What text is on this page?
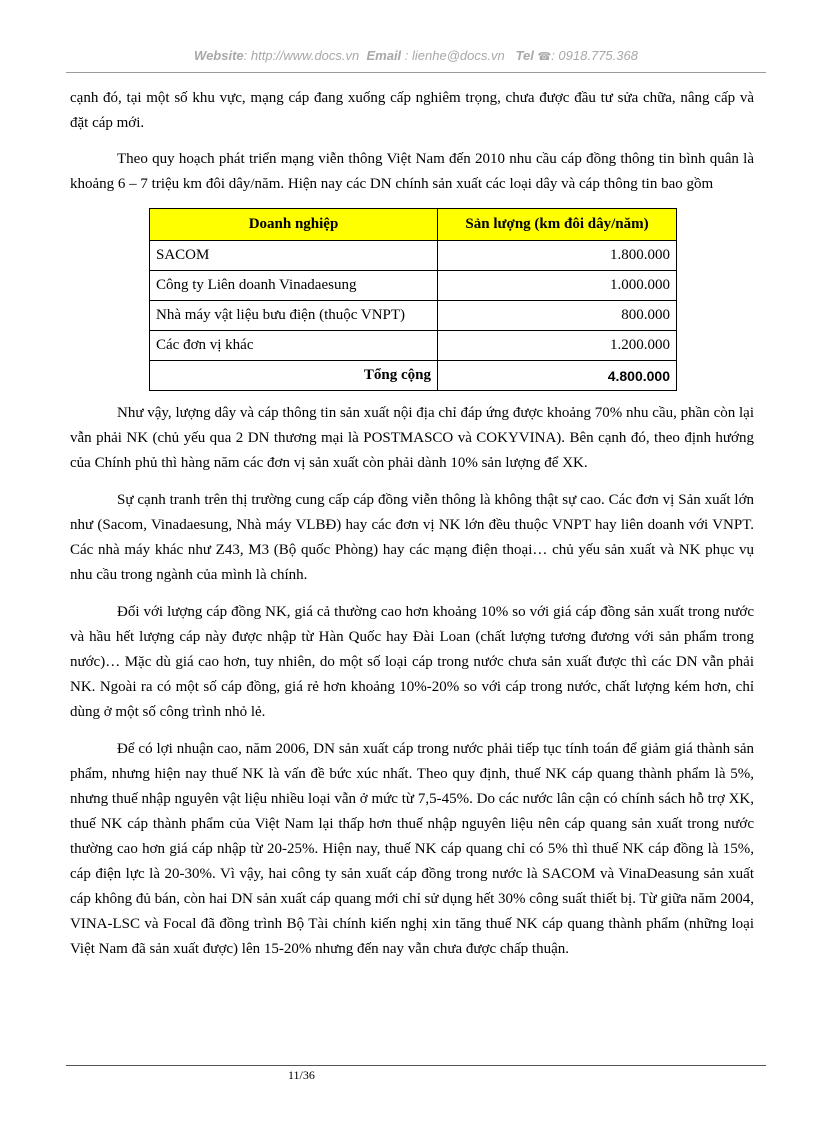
Website: http://www.docs.vn Email : lienhe@docs.vn Tel ☎: 0918.775.368

cạnh đó, tại một số khu vực, mạng cáp đang xuống cấp nghiêm trọng, chưa được đầu tư sửa chữa, nâng cấp và đặt cáp mới.

Theo quy hoạch phát triển mạng viễn thông Việt Nam đến 2010 nhu cầu cáp đồng thông tin bình quân là khoảng 6 – 7 triệu km đôi dây/năm. Hiện nay các DN chính sản xuất các loại dây và cáp thông tin bao gồm

Doanh nghiệp	Sản lượng (km đôi dây/năm)
SACOM	1.800.000
Công ty Liên doanh Vinadaesung	1.000.000
Nhà máy vật liệu bưu điện (thuộc VNPT)	800.000
Các đơn vị khác	1.200.000
Tổng cộng	4.800.000

Như vậy, lượng dây và cáp thông tin sản xuất nội địa chỉ đáp ứng được khoảng 70% nhu cầu, phần còn lại vẫn phải NK (chủ yếu qua 2 DN thương mại là POSTMASCO và COKYVINA). Bên cạnh đó, theo định hướng của Chính phủ thì hàng năm các đơn vị sản xuất còn phải dành 10% sản lượng để XK.

Sự cạnh tranh trên thị trường cung cấp cáp đồng viễn thông là không thật sự cao. Các đơn vị Sản xuất lớn như (Sacom, Vinadaesung, Nhà máy VLBĐ) hay các đơn vị NK lớn đều thuộc VNPT hay liên doanh với VNPT. Các nhà máy khác như Z43, M3 (Bộ quốc Phòng) hay các mạng điện thoại… chủ yếu sản xuất và NK phục vụ nhu cầu trong ngành của mình là chính.

Đối với lượng cáp đồng NK, giá cả thường cao hơn khoảng 10% so với giá cáp đồng sản xuất trong nước và hầu hết lượng cáp này được nhập từ Hàn Quốc hay Đài Loan (chất lượng tương đương với sản phẩm trong nước)… Mặc dù giá cao hơn, tuy nhiên, do một số loại cáp trong nước chưa sản xuất được thì các DN vẫn phải NK. Ngoài ra có một số cáp đồng, giá rẻ hơn khoảng 10%-20% so với cáp trong nước, chất lượng kém hơn, chỉ dùng ở một số công trình nhỏ lẻ.

Để có lợi nhuận cao, năm 2006, DN sản xuất cáp trong nước phải tiếp tục tính toán để giảm giá thành sản phẩm, nhưng hiện nay thuế NK là vấn đề bức xúc nhất. Theo quy định, thuế NK cáp quang thành phẩm là 5%, nhưng thuế nhập nguyên vật liệu nhiều loại vẫn ở mức từ 7,5-45%. Do các nước lân cận có chính sách hỗ trợ XK, thuế NK cáp thành phẩm của Việt Nam lại thấp hơn thuế nhập nguyên liệu nên cáp quang sản xuất trong nước thường cao hơn giá cáp nhập từ 20-25%. Hiện nay, thuế NK cáp quang chỉ có 5% thì thuế NK cáp đồng là 15%, cáp điện lực là 20-30%. Vì vậy, hai công ty sản xuất cáp đồng trong nước là SACOM và VinaDeasung sản xuất cáp không đủ bán, còn hai DN sản xuất cáp quang mới chỉ sử dụng hết 30% công suất thiết bị. Từ giữa năm 2004, VINA-LSC và Focal đã đồng trình Bộ Tài chính kiến nghị xin tăng thuế NK cáp quang thành phẩm (những loại Việt Nam đã sản xuất được) lên 15-20% nhưng đến nay vẫn chưa được chấp thuận.

11/36
